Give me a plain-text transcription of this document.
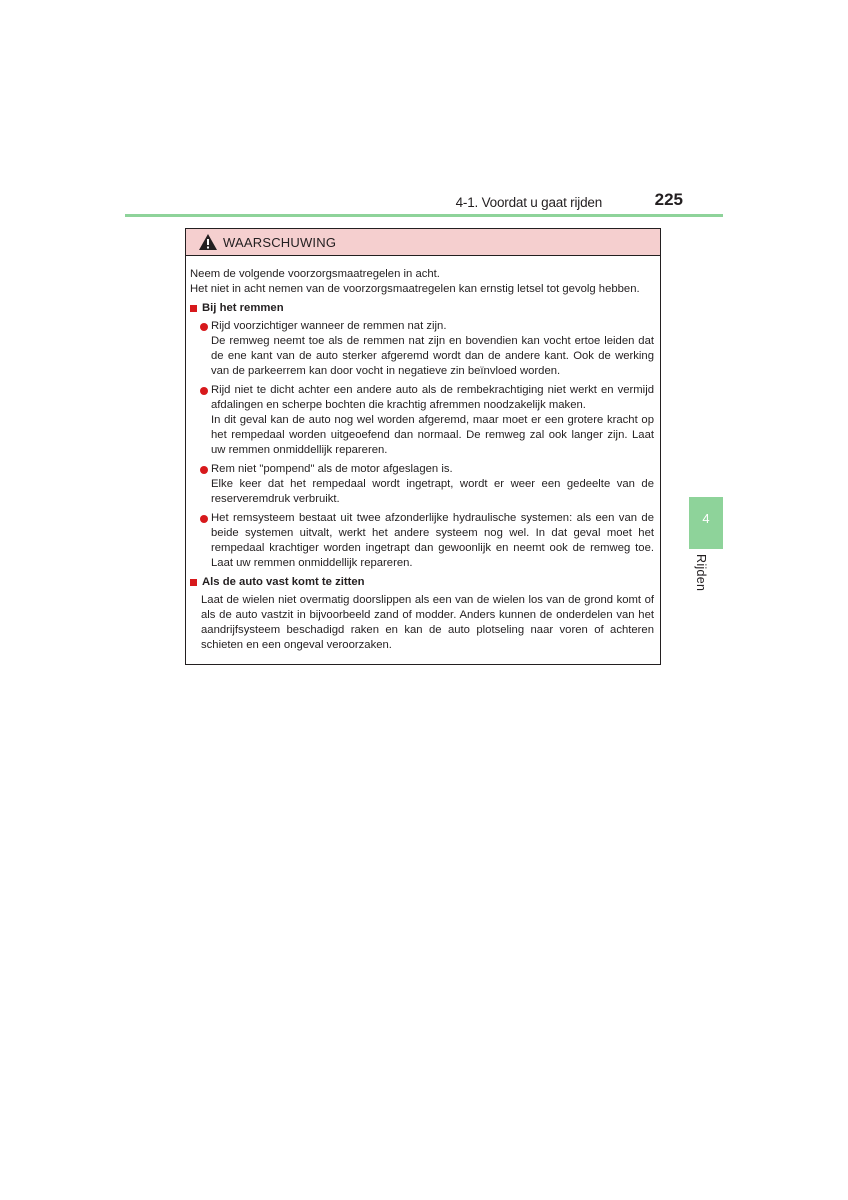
4-1. Voordat u gaat rijden	225
4
Rijden
WAARSCHUWING

Neem de volgende voorzorgsmaatregelen in acht.

Het niet in acht nemen van de voorzorgsmaatregelen kan ernstig letsel tot gevolg hebben.

Bij het remmen

Rijd voorzichtiger wanneer de remmen nat zijn.

De remweg neemt toe als de remmen nat zijn en bovendien kan vocht ertoe leiden dat de ene kant van de auto sterker afgeremd wordt dan de andere kant. Ook de werking van de parkeerrem kan door vocht in negatieve zin beïnvloed worden.

Rijd niet te dicht achter een andere auto als de rembekrachtiging niet werkt en vermijd afdalingen en scherpe bochten die krachtig afremmen noodzakelijk maken.

In dit geval kan de auto nog wel worden afgeremd, maar moet er een grotere kracht op het rempedaal worden uitgeoefend dan normaal. De remweg zal ook langer zijn. Laat uw remmen onmiddellijk repareren.

Rem niet "pompend" als de motor afgeslagen is.

Elke keer dat het rempedaal wordt ingetrapt, wordt er weer een gedeelte van de reserveremdruk verbruikt.

Het remsysteem bestaat uit twee afzonderlijke hydraulische systemen: als een van de beide systemen uitvalt, werkt het andere systeem nog wel. In dat geval moet het rempedaal krachtiger worden ingetrapt dan gewoonlijk en neemt ook de remweg toe. Laat uw remmen onmiddellijk repareren.

Als de auto vast komt te zitten

Laat de wielen niet overmatig doorslippen als een van de wielen los van de grond komt of als de auto vastzit in bijvoorbeeld zand of modder. Anders kunnen de onderdelen van het aandrijfsysteem beschadigd raken en kan de auto plotseling naar voren of achteren schieten en een ongeval veroorzaken.
